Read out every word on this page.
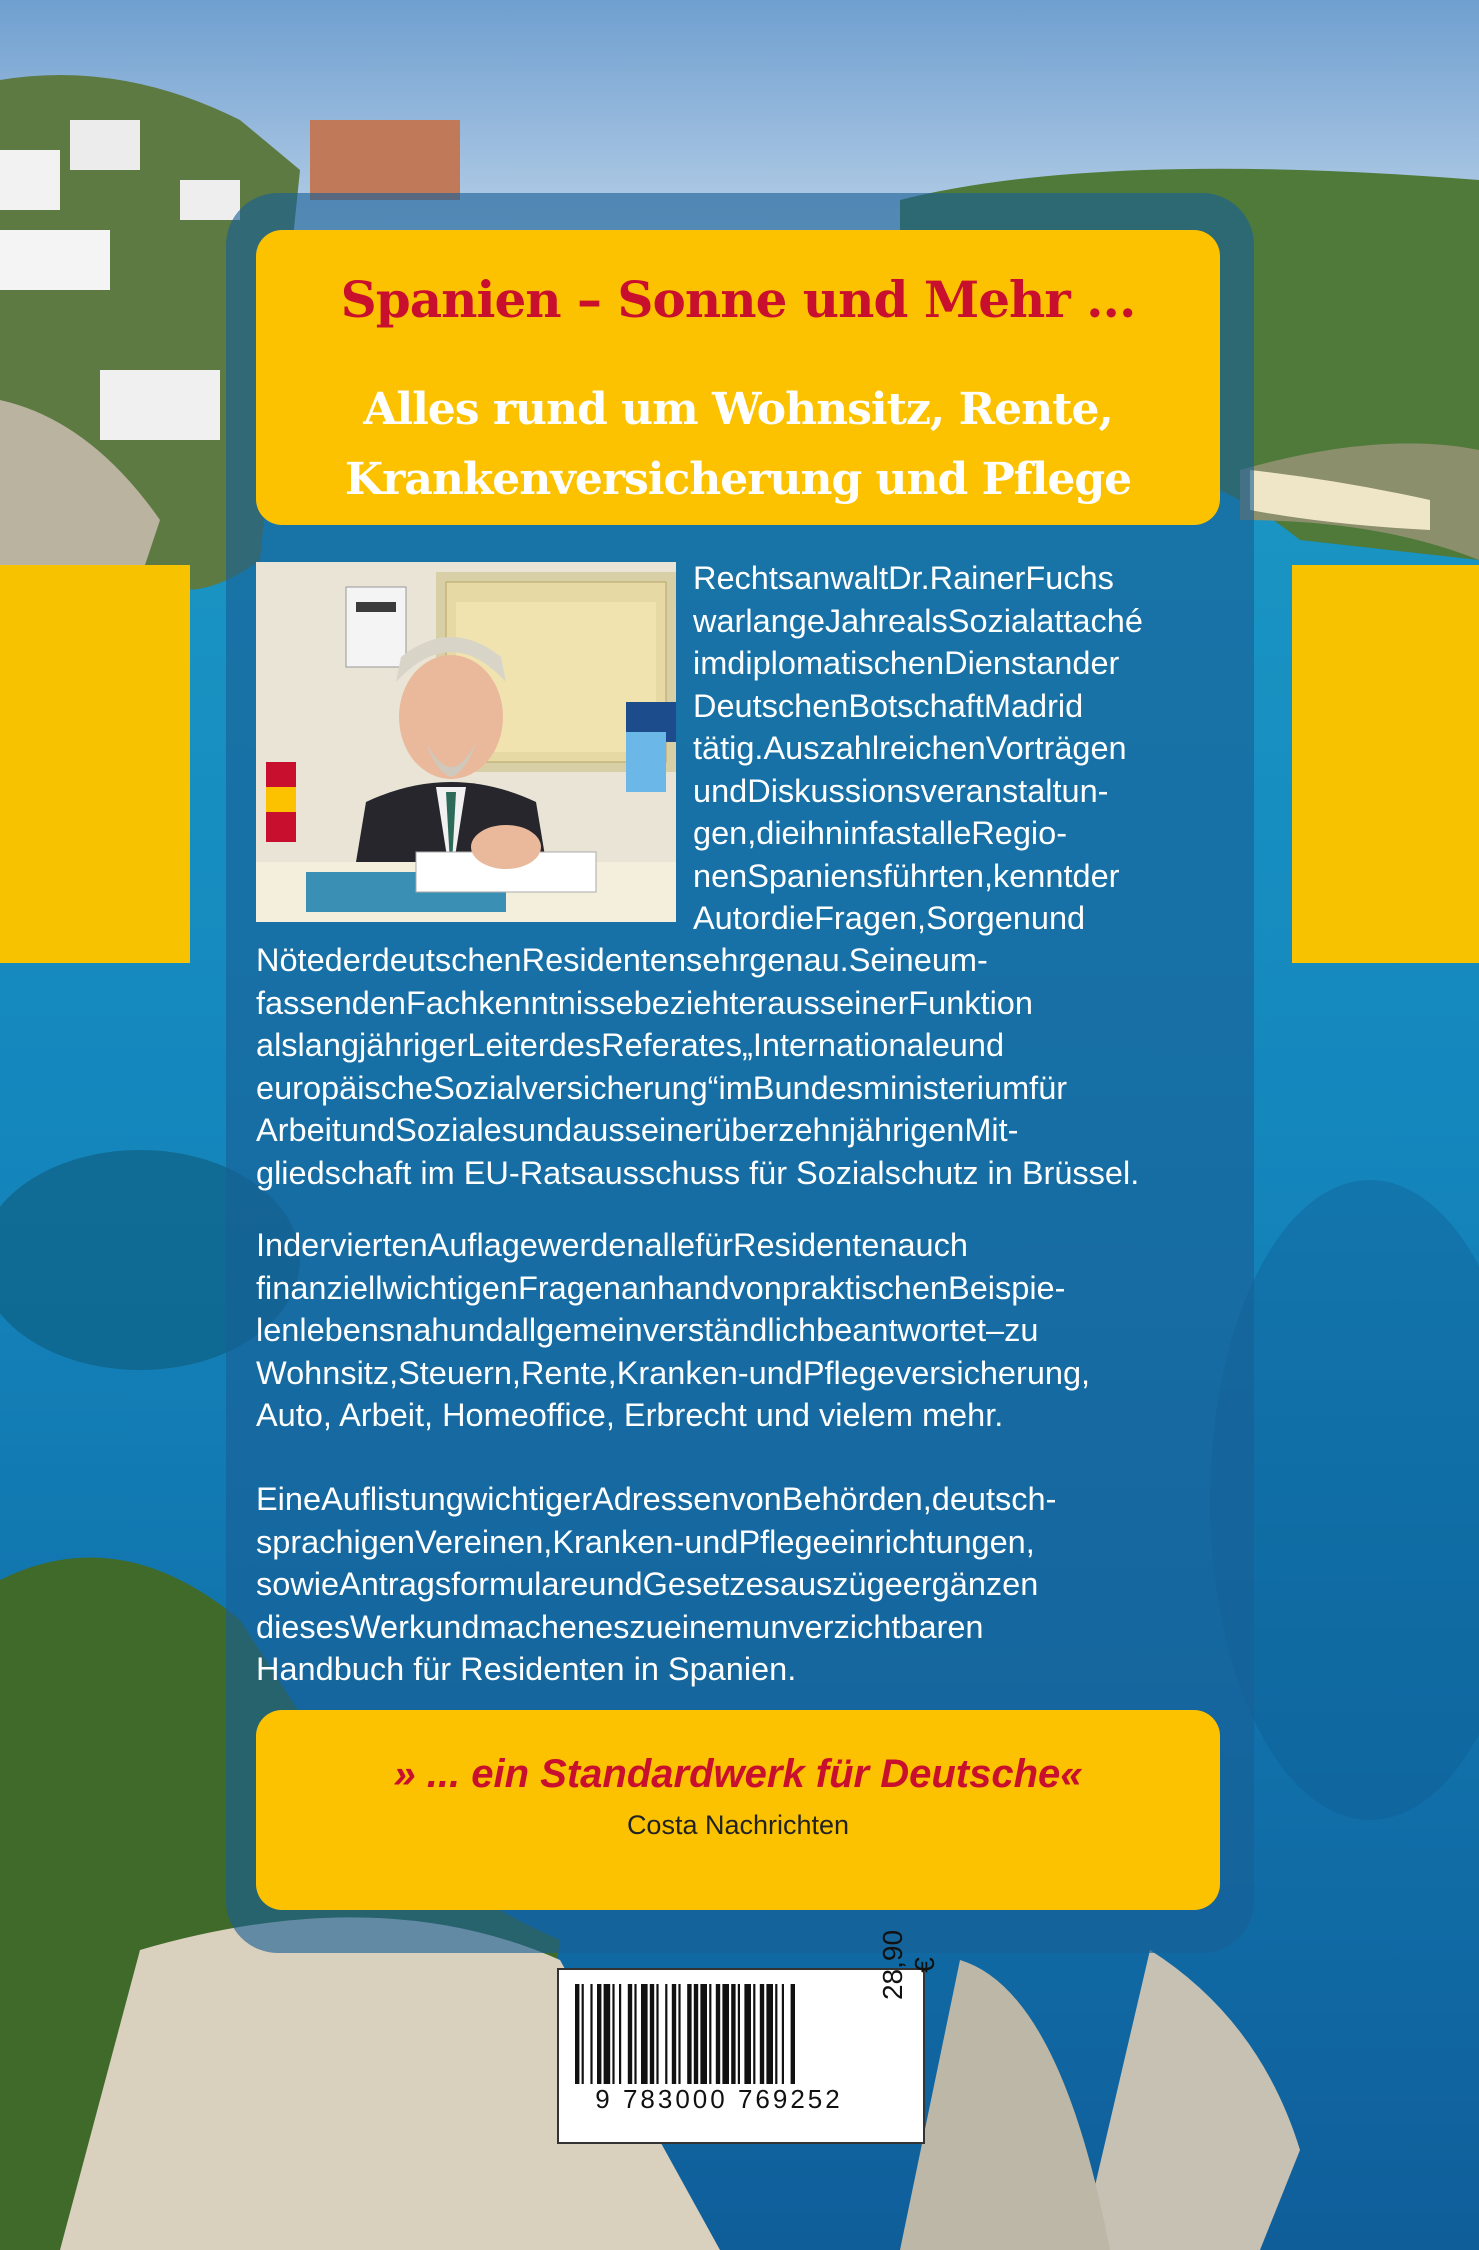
Spanien – Sonne und Mehr ...
Alles rund um Wohnsitz, Rente,
Krankenversicherung und Pflege
RechtsanwaltDr.RainerFuchs
warlangeJahrealsSozialattaché
imdiplomatischenDienstander
DeutschenBotschaftMadrid
tätig.AuszahlreichenVorträgen
undDiskussionsveranstaltun-
gen,dieihninfastalleRegio-
nenSpaniensführten,kenntder
AutordieFragen,Sorgenund
NötederdeutschenResidentensehrgenau.Seineum-
fassendenFachkenntnissebeziehterausseinerFunktion
alslangjährigerLeiterdesReferates„Internationaleund
europäischeSozialversicherung“imBundesministeriumfür
ArbeitundSozialesundausseinerüberzehnjährigenMit-
gliedschaft im EU-Ratsausschuss für Sozialschutz in Brüssel.
InderviertenAuflagewerdenallefürResidentenauch
finanziellwichtigenFragenanhandvonpraktischenBeispie-
lenlebensnahundallgemeinverständlichbeantwortet–zu
Wohnsitz,Steuern,Rente,Kranken-undPflegeversicherung,
Auto, Arbeit, Homeoffice, Erbrecht und vielem mehr.
EineAuflistungwichtigerAdressenvonBehörden,deutsch-
sprachigenVereinen,Kranken-undPflegeeinrichtungen,
sowieAntragsformulareundGesetzesauszügeergänzen
diesesWerkundmacheneszueinemunverzichtbaren
Handbuch für Residenten in Spanien.
» ... ein Standardwerk für Deutsche«
Costa Nachrichten
9 783000 769252
28,90 €
